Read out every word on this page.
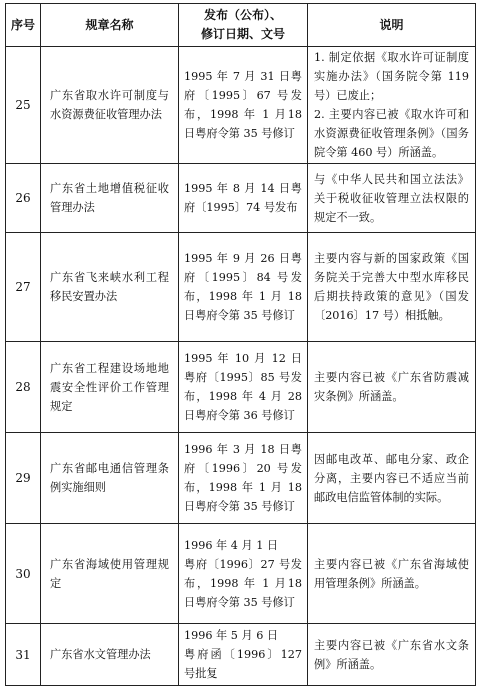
序号	规章名称
发布（公布）、
修订日期、文号
说明
25
广东省取水许可制度与水资源费征收管理办法
1995 年 7 月 31 日粤府〔1995〕67 号发布，1998 年 1 月18 日粤府令第 35 号修订
1. 制定依据《取水许可证制度实施办法》（国务院令第 119 号）已废止；
2. 主要内容已被《取水许可和水资源费征收管理条例》（国务院令第 460 号）所涵盖。
26
广东省土地增值税征收管理办法
1995 年 8 月 14 日粤府〔1995〕74 号发布
与《中华人民共和国立法法》关于税收征收管理立法权限的规定不一致。
27
广东省飞来峡水利工程移民安置办法
1995 年 9 月 26 日粤府〔1995〕84 号发布，1998 年 1 月 18日粤府令第 35 号修订
主要内容与新的国家政策《国务院关于完善大中型水库移民后期扶持政策的意见》（国发〔2016〕17 号）相抵触。
28
广东省工程建设场地地震安全性评价工作管理规定
1995 年 10 月 12 日粤府〔1995〕85 号发布，1998 年 4 月 28日粤府令第 36 号修订
主要内容已被《广东省防震减灾条例》所涵盖。
29
广东省邮电通信管理条例实施细则
1996 年 3 月 18 日粤府〔1996〕20 号发布，1998 年 1 月 18 日粤府令第 35 号修订
因邮电改革、邮电分家、政企分离，主要内容已不适应当前邮政电信监管体制的实际。
30
广东省海域使用管理规定
1996 年 4 月 1 日
粤府〔1996〕27 号发布，1998 年 1 月18 日粤府令第 35 号修订
主要内容已被《广东省海域使用管理条例》所涵盖。
31	广东省水文管理办法
1996 年 5 月 6 日
粤府函〔1996〕127 号批复
主要内容已被《广东省水文条例》所涵盖。
